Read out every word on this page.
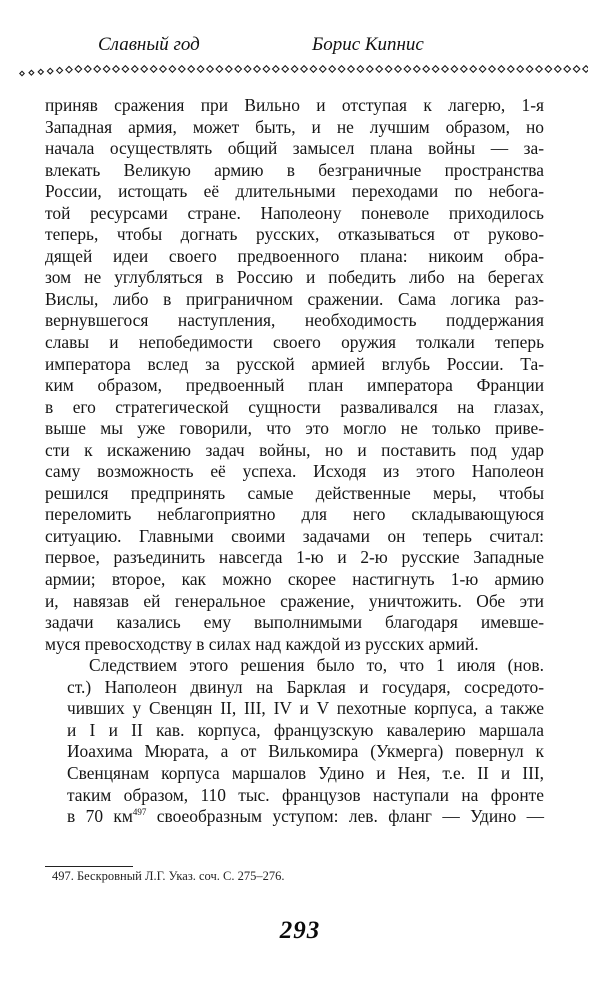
Славный год	Борис Кипнис

приняв сражения при Вильно и отступая к лагерю, 1-я
Западная армия, может быть, и не лучшим образом, но
начала осуществлять общий замысел плана войны — за-
влекать Великую армию в безграничные пространства
России, истощать её длительными переходами по небога-
той ресурсами стране. Наполеону поневоле приходилось
теперь, чтобы догнать русских, отказываться от руково-
дящей идеи своего предвоенного плана: никоим обра-
зом не углубляться в Россию и победить либо на берегах
Вислы, либо в приграничном сражении. Сама логика раз-
вернувшегося наступления, необходимость поддержания
славы и непобедимости своего оружия толкали теперь
императора вслед за русской армией вглубь России. Та-
ким образом, предвоенный план императора Франции
в его стратегической сущности разваливался на глазах,
выше мы уже говорили, что это могло не только приве-
сти к искажению задач войны, но и поставить под удар
саму возможность её успеха. Исходя из этого Наполеон
решился предпринять самые действенные меры, чтобы
переломить неблагоприятно для него складывающуюся
ситуацию. Главными своими задачами он теперь считал:
первое, разъединить навсегда 1-ю и 2-ю русские Западные
армии; второе, как можно скорее настигнуть 1-ю армию
и, навязав ей генеральное сражение, уничтожить. Обе эти
задачи казались ему выполнимыми благодаря имевше-
муся превосходству в силах над каждой из русских армий.

Следствием этого решения было то, что 1 июля (нов.
ст.) Наполеон двинул на Барклая и государя, сосредото-
чивших у Свенцян II, III, IV и V пехотные корпуса, а также
и I и II кав. корпуса, французскую кавалерию маршала
Иоахима Мюрата, а от Вилькомира (Укмерга) повернул к
Свенцянам корпуса маршалов Удино и Нея, т.е. II и III,
таким образом, 110 тыс. французов наступали на фронте
в 70 км$^{497}$ своеобразным уступом: лев. фланг — Удино —

497. Бескровный Л.Г. Указ. соч. С. 275–276.
293
